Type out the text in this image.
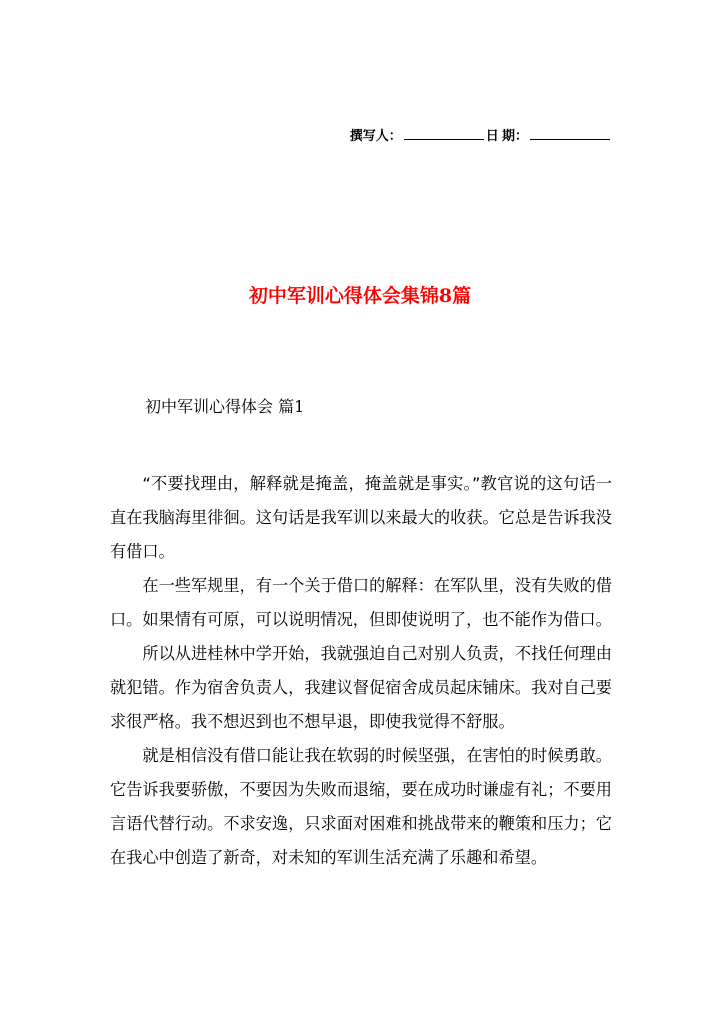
撰写人：	日 期：
初中军训心得体会集锦8篇
初中军训心得体会 篇1

“不要找理由，解释就是掩盖，掩盖就是事实。”教官说的这句话一直在我脑海里徘徊。这句话是我军训以来最大的收获。它总是告诉我没有借口。

在一些军规里，有一个关于借口的解释：在军队里，没有失败的借口。如果情有可原，可以说明情况，但即使说明了，也不能作为借口。

所以从进桂林中学开始，我就强迫自己对别人负责，不找任何理由就犯错。作为宿舍负责人，我建议督促宿舍成员起床铺床。我对自己要求很严格。我不想迟到也不想早退，即使我觉得不舒服。

就是相信没有借口能让我在软弱的时候坚强，在害怕的时候勇敢。它告诉我要骄傲，不要因为失败而退缩，要在成功时谦虚有礼；不要用言语代替行动。不求安逸，只求面对困难和挑战带来的鞭策和压力；它在我心中创造了新奇，对未知的军训生活充满了乐趣和希望。
